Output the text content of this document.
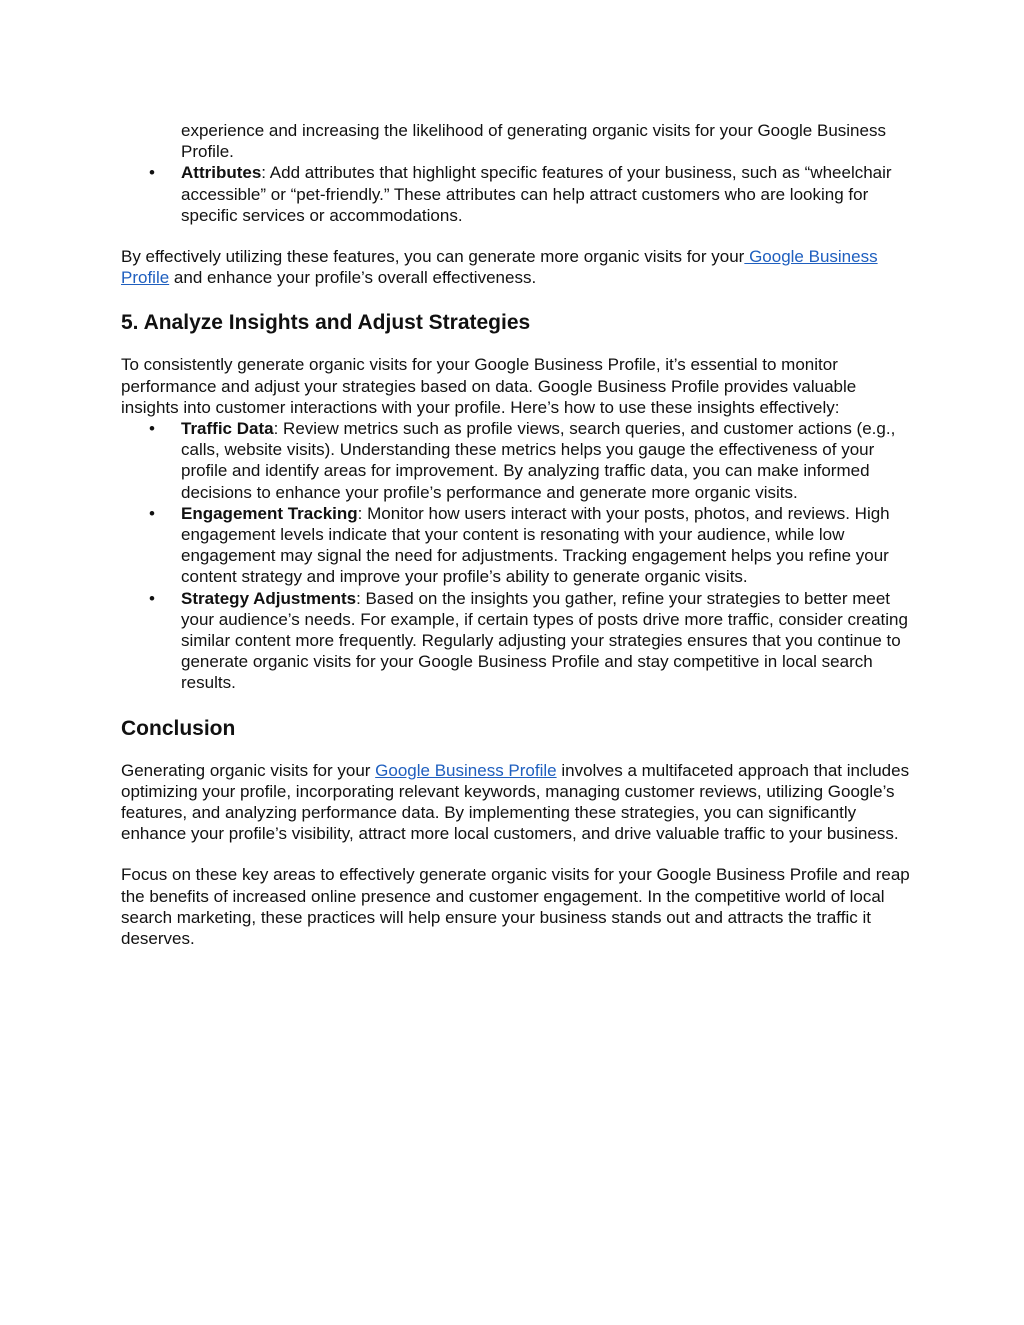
experience and increasing the likelihood of generating organic visits for your Google Business Profile.
• Attributes: Add attributes that highlight specific features of your business, such as “wheelchair accessible” or “pet-friendly.” These attributes can help attract customers who are looking for specific services or accommodations.

By effectively utilizing these features, you can generate more organic visits for your Google Business Profile and enhance your profile’s overall effectiveness.

5. Analyze Insights and Adjust Strategies

To consistently generate organic visits for your Google Business Profile, it’s essential to monitor performance and adjust your strategies based on data. Google Business Profile provides valuable insights into customer interactions with your profile. Here’s how to use these insights effectively:

• Traffic Data: Review metrics such as profile views, search queries, and customer actions (e.g., calls, website visits). Understanding these metrics helps you gauge the effectiveness of your profile and identify areas for improvement. By analyzing traffic data, you can make informed decisions to enhance your profile’s performance and generate more organic visits.
• Engagement Tracking: Monitor how users interact with your posts, photos, and reviews. High engagement levels indicate that your content is resonating with your audience, while low engagement may signal the need for adjustments. Tracking engagement helps you refine your content strategy and improve your profile’s ability to generate organic visits.
• Strategy Adjustments: Based on the insights you gather, refine your strategies to better meet your audience’s needs. For example, if certain types of posts drive more traffic, consider creating similar content more frequently. Regularly adjusting your strategies ensures that you continue to generate organic visits for your Google Business Profile and stay competitive in local search results.
Conclusion

Generating organic visits for your Google Business Profile involves a multifaceted approach that includes optimizing your profile, incorporating relevant keywords, managing customer reviews, utilizing Google’s features, and analyzing performance data. By implementing these strategies, you can significantly enhance your profile’s visibility, attract more local customers, and drive valuable traffic to your business.

Focus on these key areas to effectively generate organic visits for your Google Business Profile and reap the benefits of increased online presence and customer engagement. In the competitive world of local search marketing, these practices will help ensure your business stands out and attracts the traffic it deserves.
